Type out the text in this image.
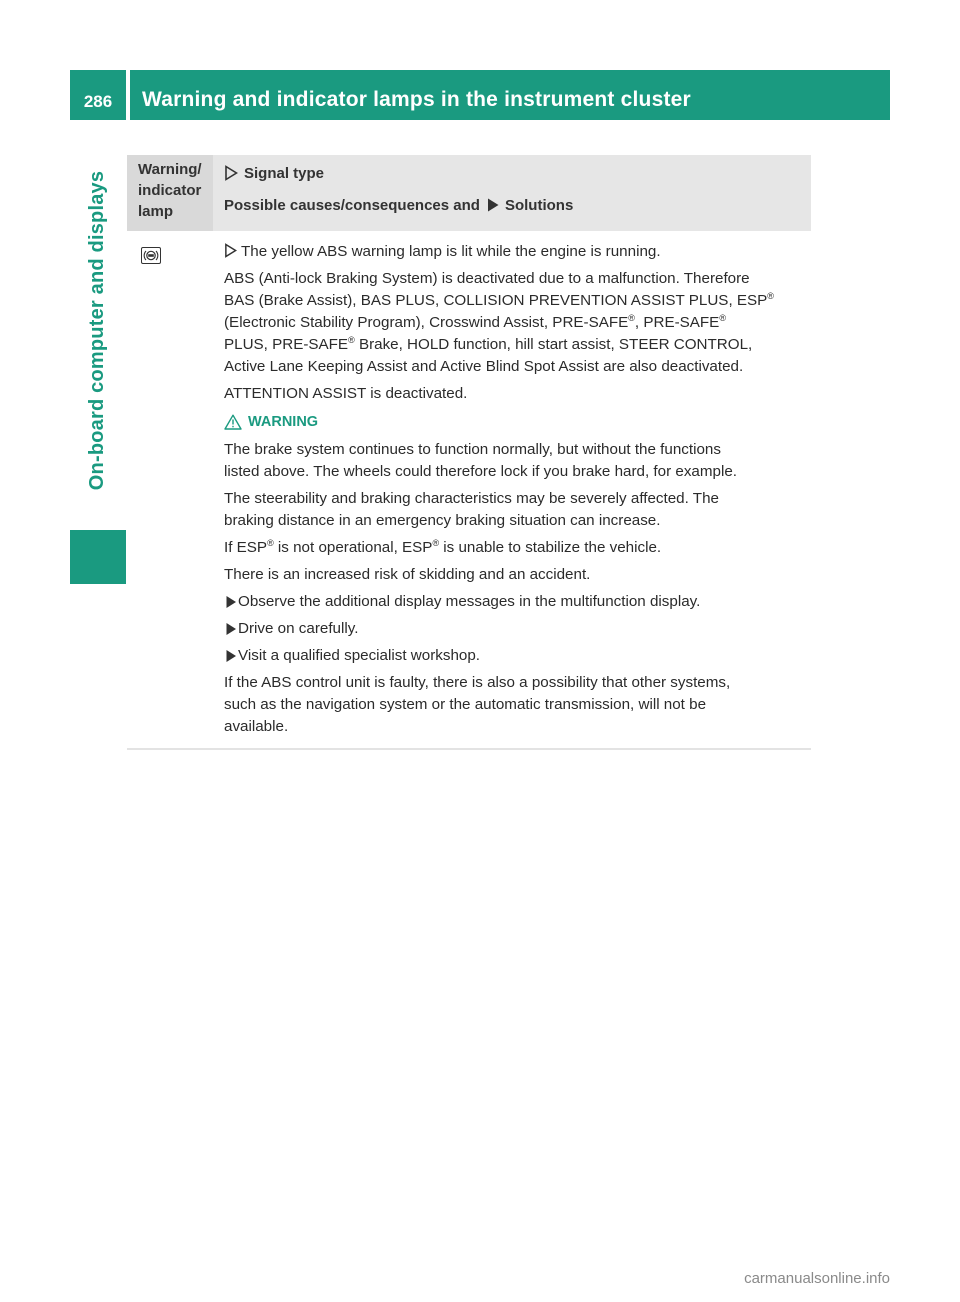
286	Warning and indicator lamps in the instrument cluster
On-board computer and displays
Warning/
indicator
lamp
Signal type
Possible causes/consequences and Solutions

The yellow ABS warning lamp is lit while the engine is running.

ABS (Anti-lock Braking System) is deactivated due to a malfunction. Therefore
BAS (Brake Assist), BAS PLUS, COLLISION PREVENTION ASSIST PLUS, ESP®
(Electronic Stability Program), Crosswind Assist, PRE-SAFE®, PRE-SAFE®
PLUS, PRE-SAFE® Brake, HOLD function, hill start assist, STEER CONTROL,
Active Lane Keeping Assist and Active Blind Spot Assist are also deactivated.

ATTENTION ASSIST is deactivated.

WARNING

The brake system continues to function normally, but without the functions
listed above. The wheels could therefore lock if you brake hard, for example.

The steerability and braking characteristics may be severely affected. The
braking distance in an emergency braking situation can increase.

If ESP® is not operational, ESP® is unable to stabilize the vehicle.

There is an increased risk of skidding and an accident.

Observe the additional display messages in the multifunction display.
Drive on carefully.
Visit a qualified specialist workshop.

If the ABS control unit is faulty, there is also a possibility that other systems,
such as the navigation system or the automatic transmission, will not be
available.

carmanualsonline.info
